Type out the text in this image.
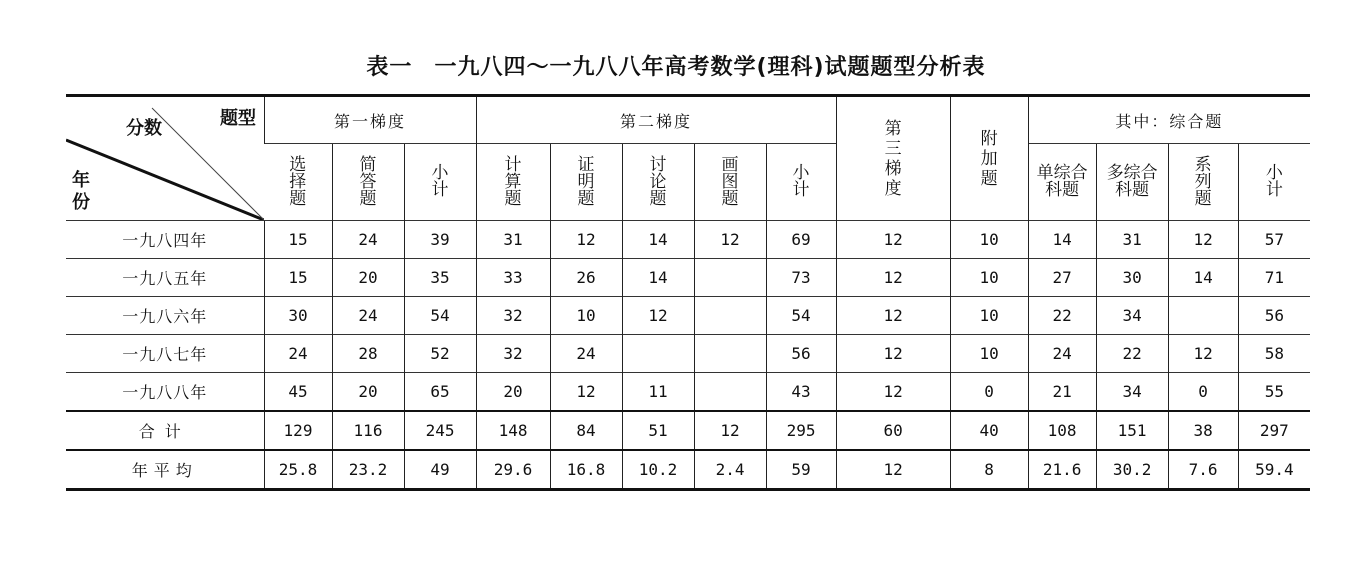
表一 一九八四～一九八八年高考数学(理科)试题题型分析表
分数 题型
年份	第一梯度			第二梯度					第三梯度	附加题	其中：综合题			
	选择题	简答题	小计	计算题	证明题	讨论题	画图题	小计			单综合科题	多综合科题	系列题	小计
一九八四年	15	24	39	31	12	14	12	69	12	10	14	31	12	57
一九八五年	15	20	35	33	26	14		73	12	10	27	30	14	71
一九八六年	30	24	54	32	10	12		54	12	10	22	34		56
一九八七年	24	28	52	32	24			56	12	10	24	22	12	58
一九八八年	45	20	65	20	12	11		43	12	0	21	34	0	55
合计	129	116	245	148	84	51	12	295	60	40	108	151	38	297
年平均	25.8	23.2	49	29.6	16.8	10.2	2.4	59	12	8	21.6	30.2	7.6	59.4
